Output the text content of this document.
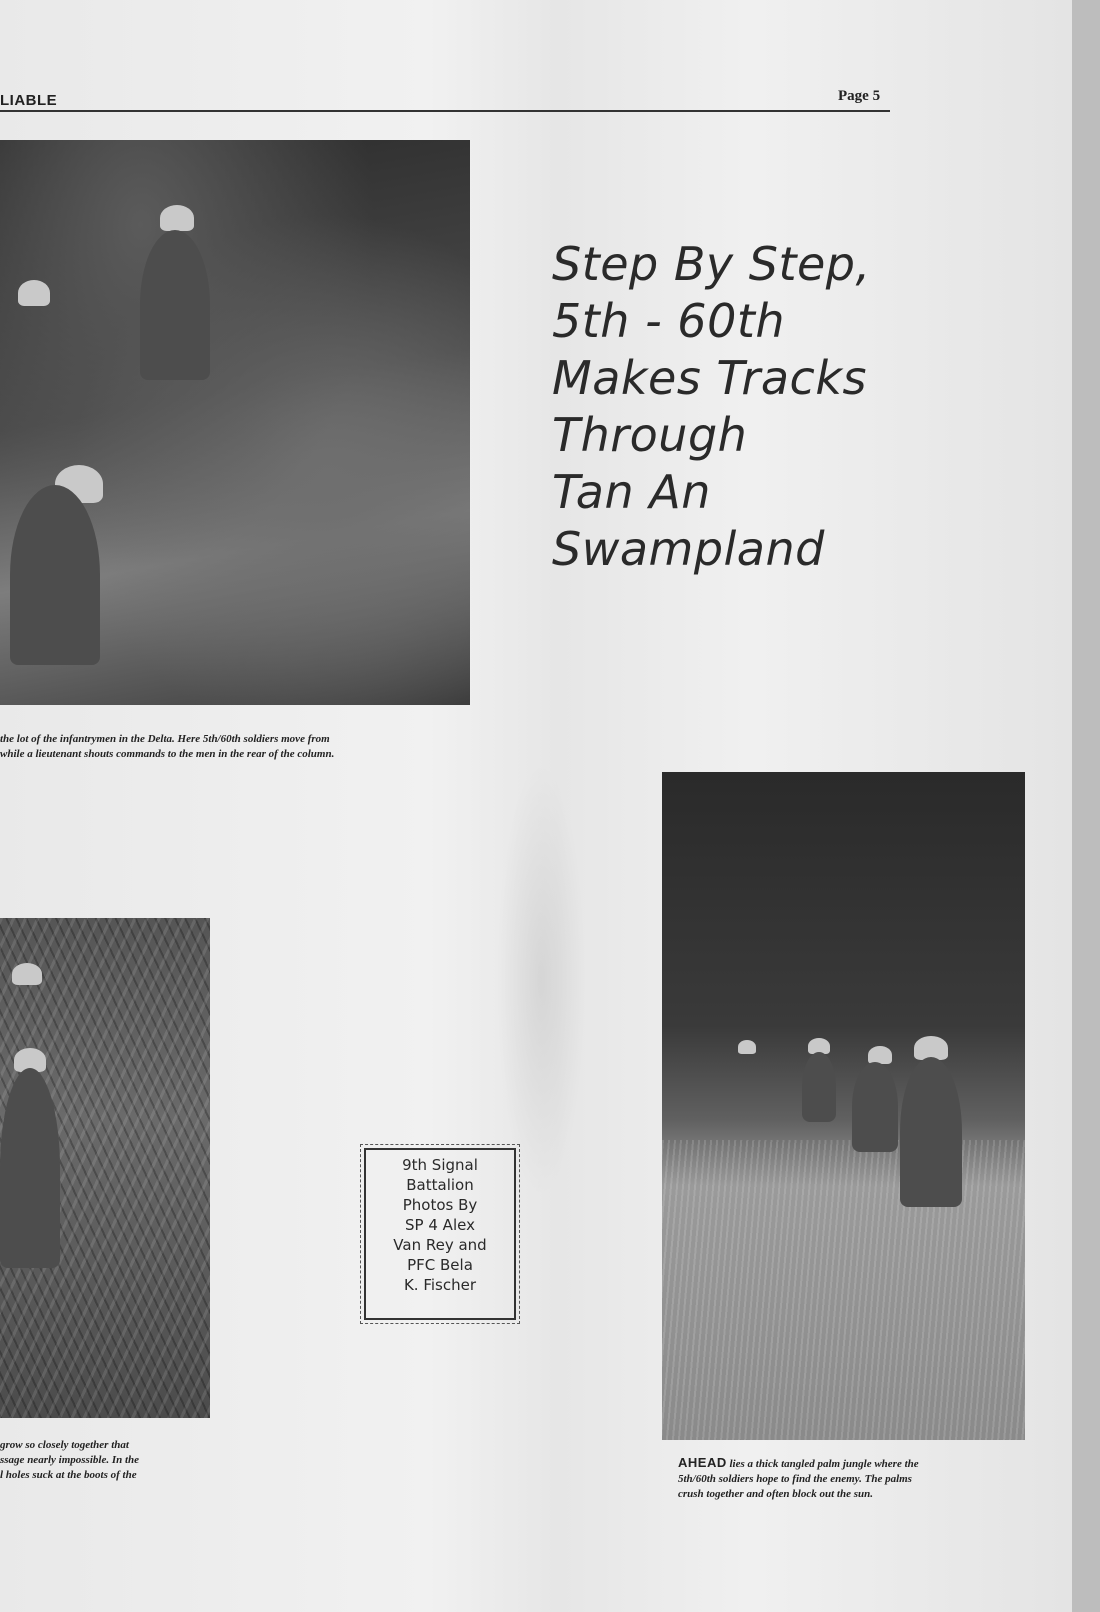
LIABLE	Page 5
Step By Step,
5th - 60th
Makes Tracks
Through
Tan An
Swampland
the lot of the infantrymen in the Delta. Here 5th/60th soldiers move from
while a lieutenant shouts commands to the men in the rear of the column.
grow so closely together that
ssage nearly impossible. In the
l holes suck at the boots of the
9th Signal
Battalion
Photos By
SP 4 Alex
Van Rey and
PFC Bela
K. Fischer
AHEAD lies a thick tangled palm jungle where the
5th/60th soldiers hope to find the enemy. The palms
crush together and often block out the sun.
